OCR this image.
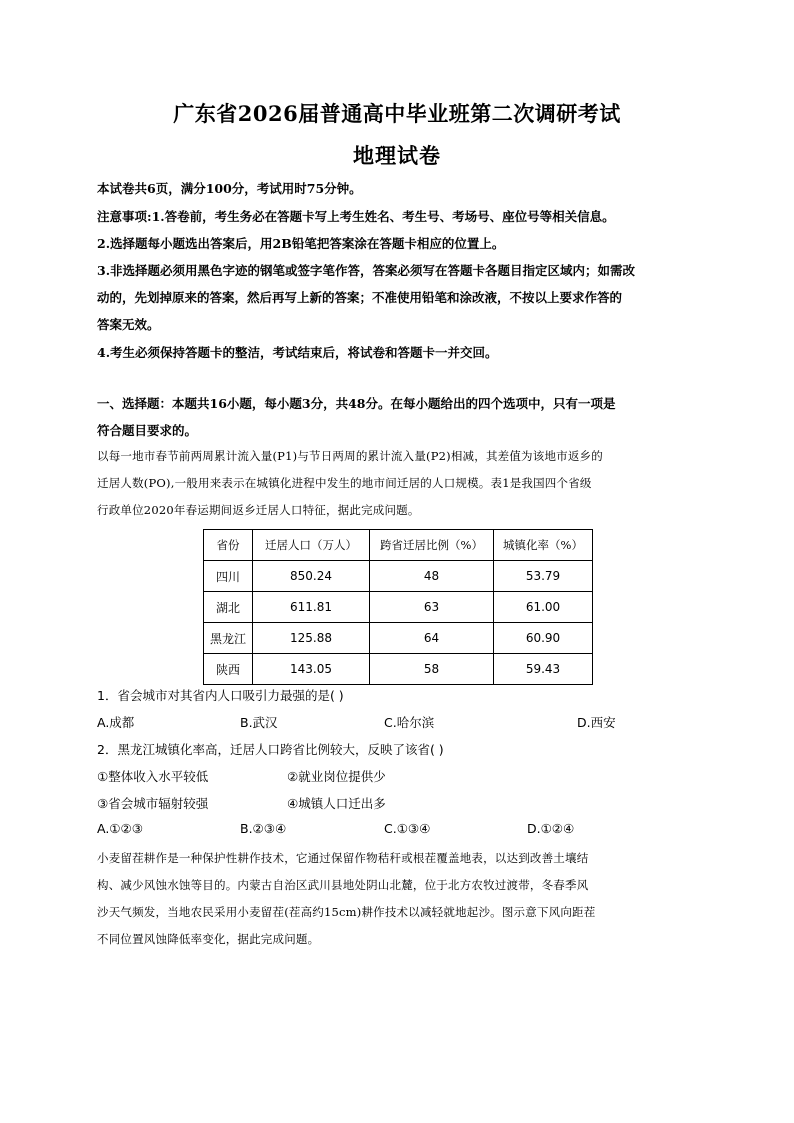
广东省2026届普通高中毕业班第二次调研考试
地理试卷
本试卷共6页，满分100分，考试用时75分钟。
注意事项:1.答卷前，考生务必在答题卡写上考生姓名、考生号、考场号、座位号等相关信息。
2.选择题每小题选出答案后，用2B铅笔把答案涂在答题卡相应的位置上。
3.非选择题必须用黑色字迹的钢笔或签字笔作答，答案必须写在答题卡各题目指定区域内；如需改
动的，先划掉原来的答案，然后再写上新的答案；不准使用铅笔和涂改液，不按以上要求作答的
答案无效。
4.考生必须保持答题卡的整洁，考试结束后，将试卷和答题卡一并交回。
一、选择题：本题共16小题，每小题3分，共48分。在每小题给出的四个选项中，只有一项是
符合题目要求的。
以每一地市春节前两周累计流入量(P1)与节日两周的累计流入量(P2)相减，其差值为该地市返乡的
迁居人数(PO),一般用来表示在城镇化进程中发生的地市间迁居的人口规模。表1是我国四个省级
行政单位2020年春运期间返乡迁居人口特征，据此完成问题。
省份	迁居人口（万人）	跨省迁居比例（%）	城镇化率（%）
四川	850.24	48	53.79
湖北	611.81	63	61.00
黑龙江	125.88	64	60.90
陕西	143.05	58	59.43
1．省会城市对其省内人口吸引力最强的是( )
A.成都	B.武汉	C.哈尔滨	D.西安
2．黑龙江城镇化率高，迁居人口跨省比例较大，反映了该省( )
①整体收入水平较低	②就业岗位提供少
③省会城市辐射较强	④城镇人口迁出多
A.①②③	B.②③④	C.①③④	D.①②④
小麦留茬耕作是一种保护性耕作技术，它通过保留作物秸秆或根茬覆盖地表，以达到改善土壤结
构、减少风蚀水蚀等目的。内蒙古自治区武川县地处阴山北麓，位于北方农牧过渡带，冬春季风
沙天气频发，当地农民采用小麦留茬(茬高约15cm)耕作技术以减轻就地起沙。图示意下风向距茬
不同位置风蚀降低率变化，据此完成问题。
